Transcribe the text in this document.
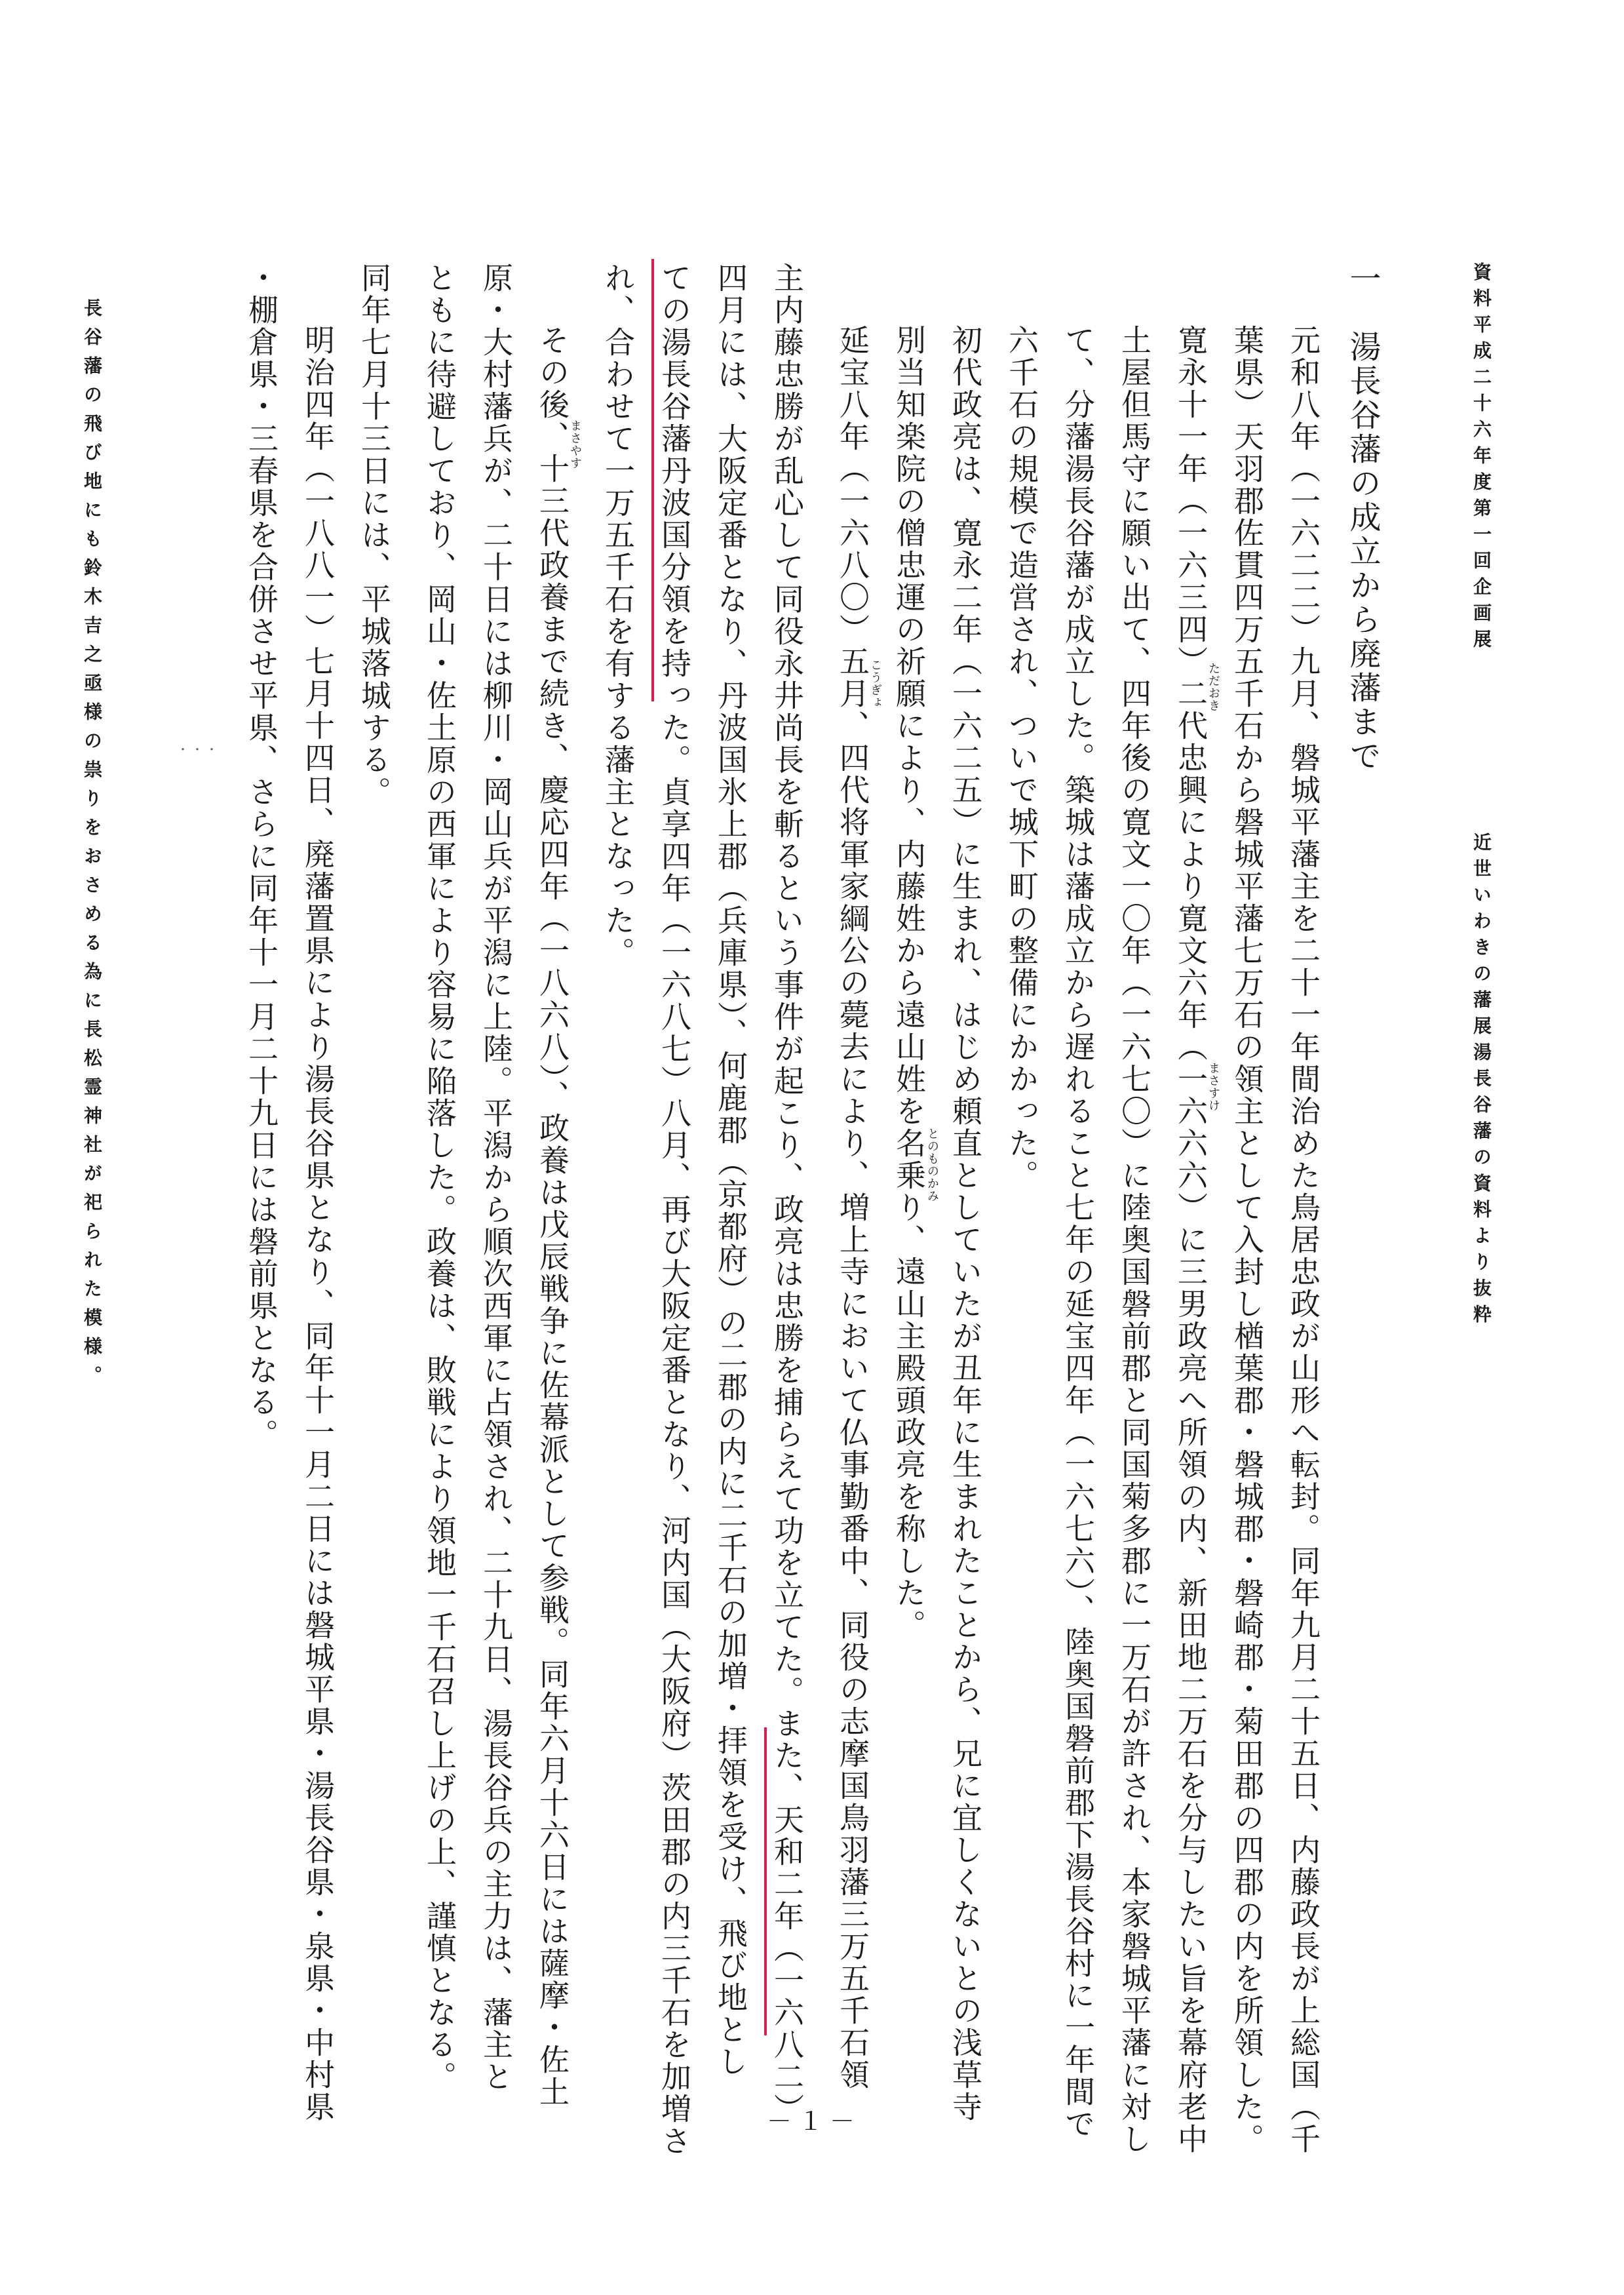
資料平成二十六年度第一回企画展
近世いわきの藩展湯長谷藩の資料より抜粋
一　湯長谷藩の成立から廃藩まで
元和八年（一六二二）九月、磐城平藩主を二十一年間治めた鳥居忠政が山形へ転封。同年九月二十五日、内藤政長が上総国（千
葉県）天羽郡佐貫四万五千石から磐城平藩七万石の領主として入封し楢葉郡・磐城郡・磐崎郡・菊田郡の四郡の内を所領した。
寛永十一年（一六三四）二代忠興により寛文六年（一六六六）に三男政亮へ所領の内、新田地二万石を分与したい旨を幕府老中
土屋但馬守に願い出て、四年後の寛文一〇年（一六七〇）に陸奥国磐前郡と同国菊多郡に一万石が許され、本家磐城平藩に対し
て、分藩湯長谷藩が成立した。築城は藩成立から遅れること七年の延宝四年（一六七六）、陸奥国磐前郡下湯長谷村に一年間で
六千石の規模で造営され、ついで城下町の整備にかかった。
初代政亮は、寛永二年（一六二五）に生まれ、はじめ頼直としていたが丑年に生まれたことから、兄に宜しくないとの浅草寺
別当知楽院の僧忠運の祈願により、内藤姓から遠山姓を名乗り、遠山主殿頭政亮を称した。
延宝八年（一六八〇）五月、四代将軍家綱公の薨去により、増上寺において仏事勤番中、同役の志摩国鳥羽藩三万五千石領
主内藤忠勝が乱心して同役永井尚長を斬るという事件が起こり、政亮は忠勝を捕らえて功を立てた。また、天和二年（一六八二）
四月には、大阪定番となり、丹波国氷上郡（兵庫県）、何鹿郡（京都府）の二郡の内に二千石の加増・拝領を受け、飛び地とし
ての湯長谷藩丹波国分領を持った。貞享四年（一六八七）八月、再び大阪定番となり、河内国（大阪府）茨田郡の内三千石を加増さ
れ、合わせて一万五千石を有する藩主となった。
その後、十三代政養まで続き、慶応四年（一八六八）、政養は戊辰戦争に佐幕派として参戦。同年六月十六日には薩摩・佐土
原・大村藩兵が、二十日には柳川・岡山兵が平潟に上陸。平潟から順次西軍に占領され、二十九日、湯長谷兵の主力は、藩主と
ともに待避しており、岡山・佐土原の西軍により容易に陥落した。政養は、敗戦により領地一千石召し上げの上、謹慎となる。
同年七月十三日には、平城落城する。
明治四年（一八八一）七月十四日、廃藩置県により湯長谷県となり、同年十一月二日には磐城平県・湯長谷県・泉県・中村県
・棚倉県・三春県を合併させ平県、さらに同年十一月二十九日には磐前県となる。	ただおき
まさすけ
とのものかみ
こうぎょ
まさやす
・・・
長谷藩の飛び地にも鈴木吉之亟様の祟りをおさめる為に長松霊神社が祀られた模様。
－１－
